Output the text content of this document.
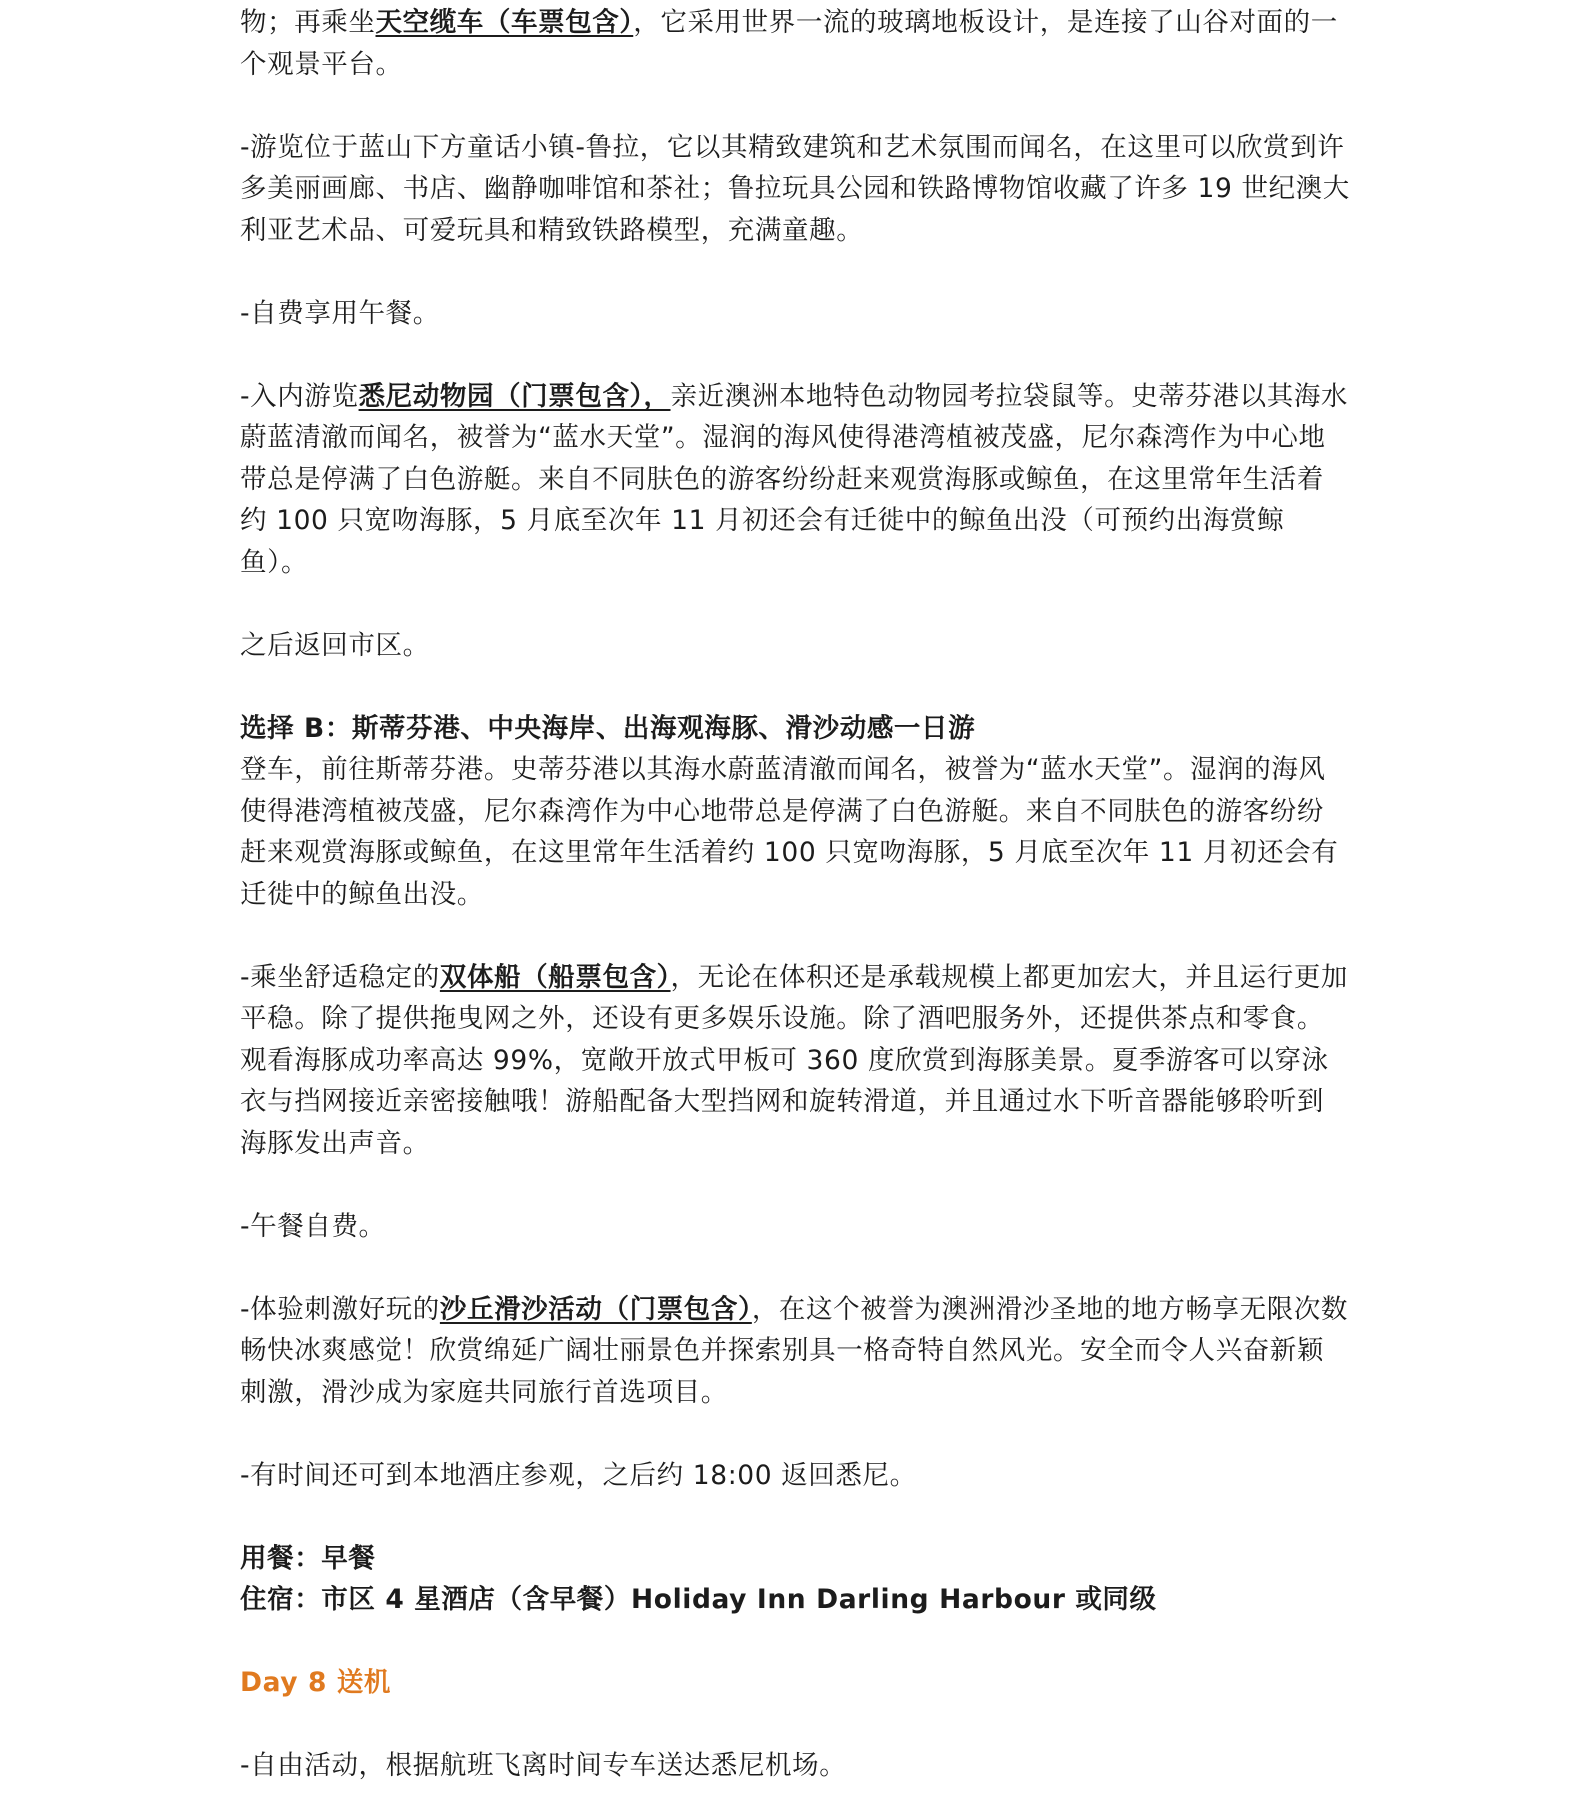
物；再乘坐天空缆车（车票包含），它采用世界一流的玻璃地板设计，是连接了山谷对面的一个观景平台。

-游览位于蓝山下方童话小镇-鲁拉，它以其精致建筑和艺术氛围而闻名，在这里可以欣赏到许多美丽画廊、书店、幽静咖啡馆和茶社；鲁拉玩具公园和铁路博物馆收藏了许多 19 世纪澳大利亚艺术品、可爱玩具和精致铁路模型，充满童趣。

-自费享用午餐。

-入内游览悉尼动物园（门票包含），亲近澳洲本地特色动物园考拉袋鼠等。史蒂芬港以其海水蔚蓝清澈而闻名，被誉为“蓝水天堂”。湿润的海风使得港湾植被茂盛，尼尔森湾作为中心地带总是停满了白色游艇。来自不同肤色的游客纷纷赶来观赏海豚或鲸鱼，在这里常年生活着约 100 只宽吻海豚，5 月底至次年 11 月初还会有迁徙中的鲸鱼出没（可预约出海赏鲸鱼）。

之后返回市区。

选择 B：斯蒂芬港、中央海岸、出海观海豚、滑沙动感一日游

登车，前往斯蒂芬港。史蒂芬港以其海水蔚蓝清澈而闻名，被誉为“蓝水天堂”。湿润的海风使得港湾植被茂盛，尼尔森湾作为中心地带总是停满了白色游艇。来自不同肤色的游客纷纷赶来观赏海豚或鲸鱼，在这里常年生活着约 100 只宽吻海豚，5 月底至次年 11 月初还会有迁徙中的鲸鱼出没。

-乘坐舒适稳定的双体船（船票包含），无论在体积还是承载规模上都更加宏大，并且运行更加平稳。除了提供拖曳网之外，还设有更多娱乐设施。除了酒吧服务外，还提供茶点和零食。观看海豚成功率高达 99%，宽敞开放式甲板可 360 度欣赏到海豚美景。夏季游客可以穿泳衣与挡网接近亲密接触哦！游船配备大型挡网和旋转滑道，并且通过水下听音器能够聆听到海豚发出声音。

-午餐自费。

-体验刺激好玩的沙丘滑沙活动（门票包含），在这个被誉为澳洲滑沙圣地的地方畅享无限次数畅快冰爽感觉！欣赏绵延广阔壮丽景色并探索别具一格奇特自然风光。安全而令人兴奋新颖刺激，滑沙成为家庭共同旅行首选项目。

-有时间还可到本地酒庄参观，之后约 18:00 返回悉尼。

用餐：早餐

住宿：市区 4 星酒店（含早餐）Holiday Inn Darling Harbour 或同级

Day 8 送机

-自由活动，根据航班飞离时间专车送达悉尼机场。
